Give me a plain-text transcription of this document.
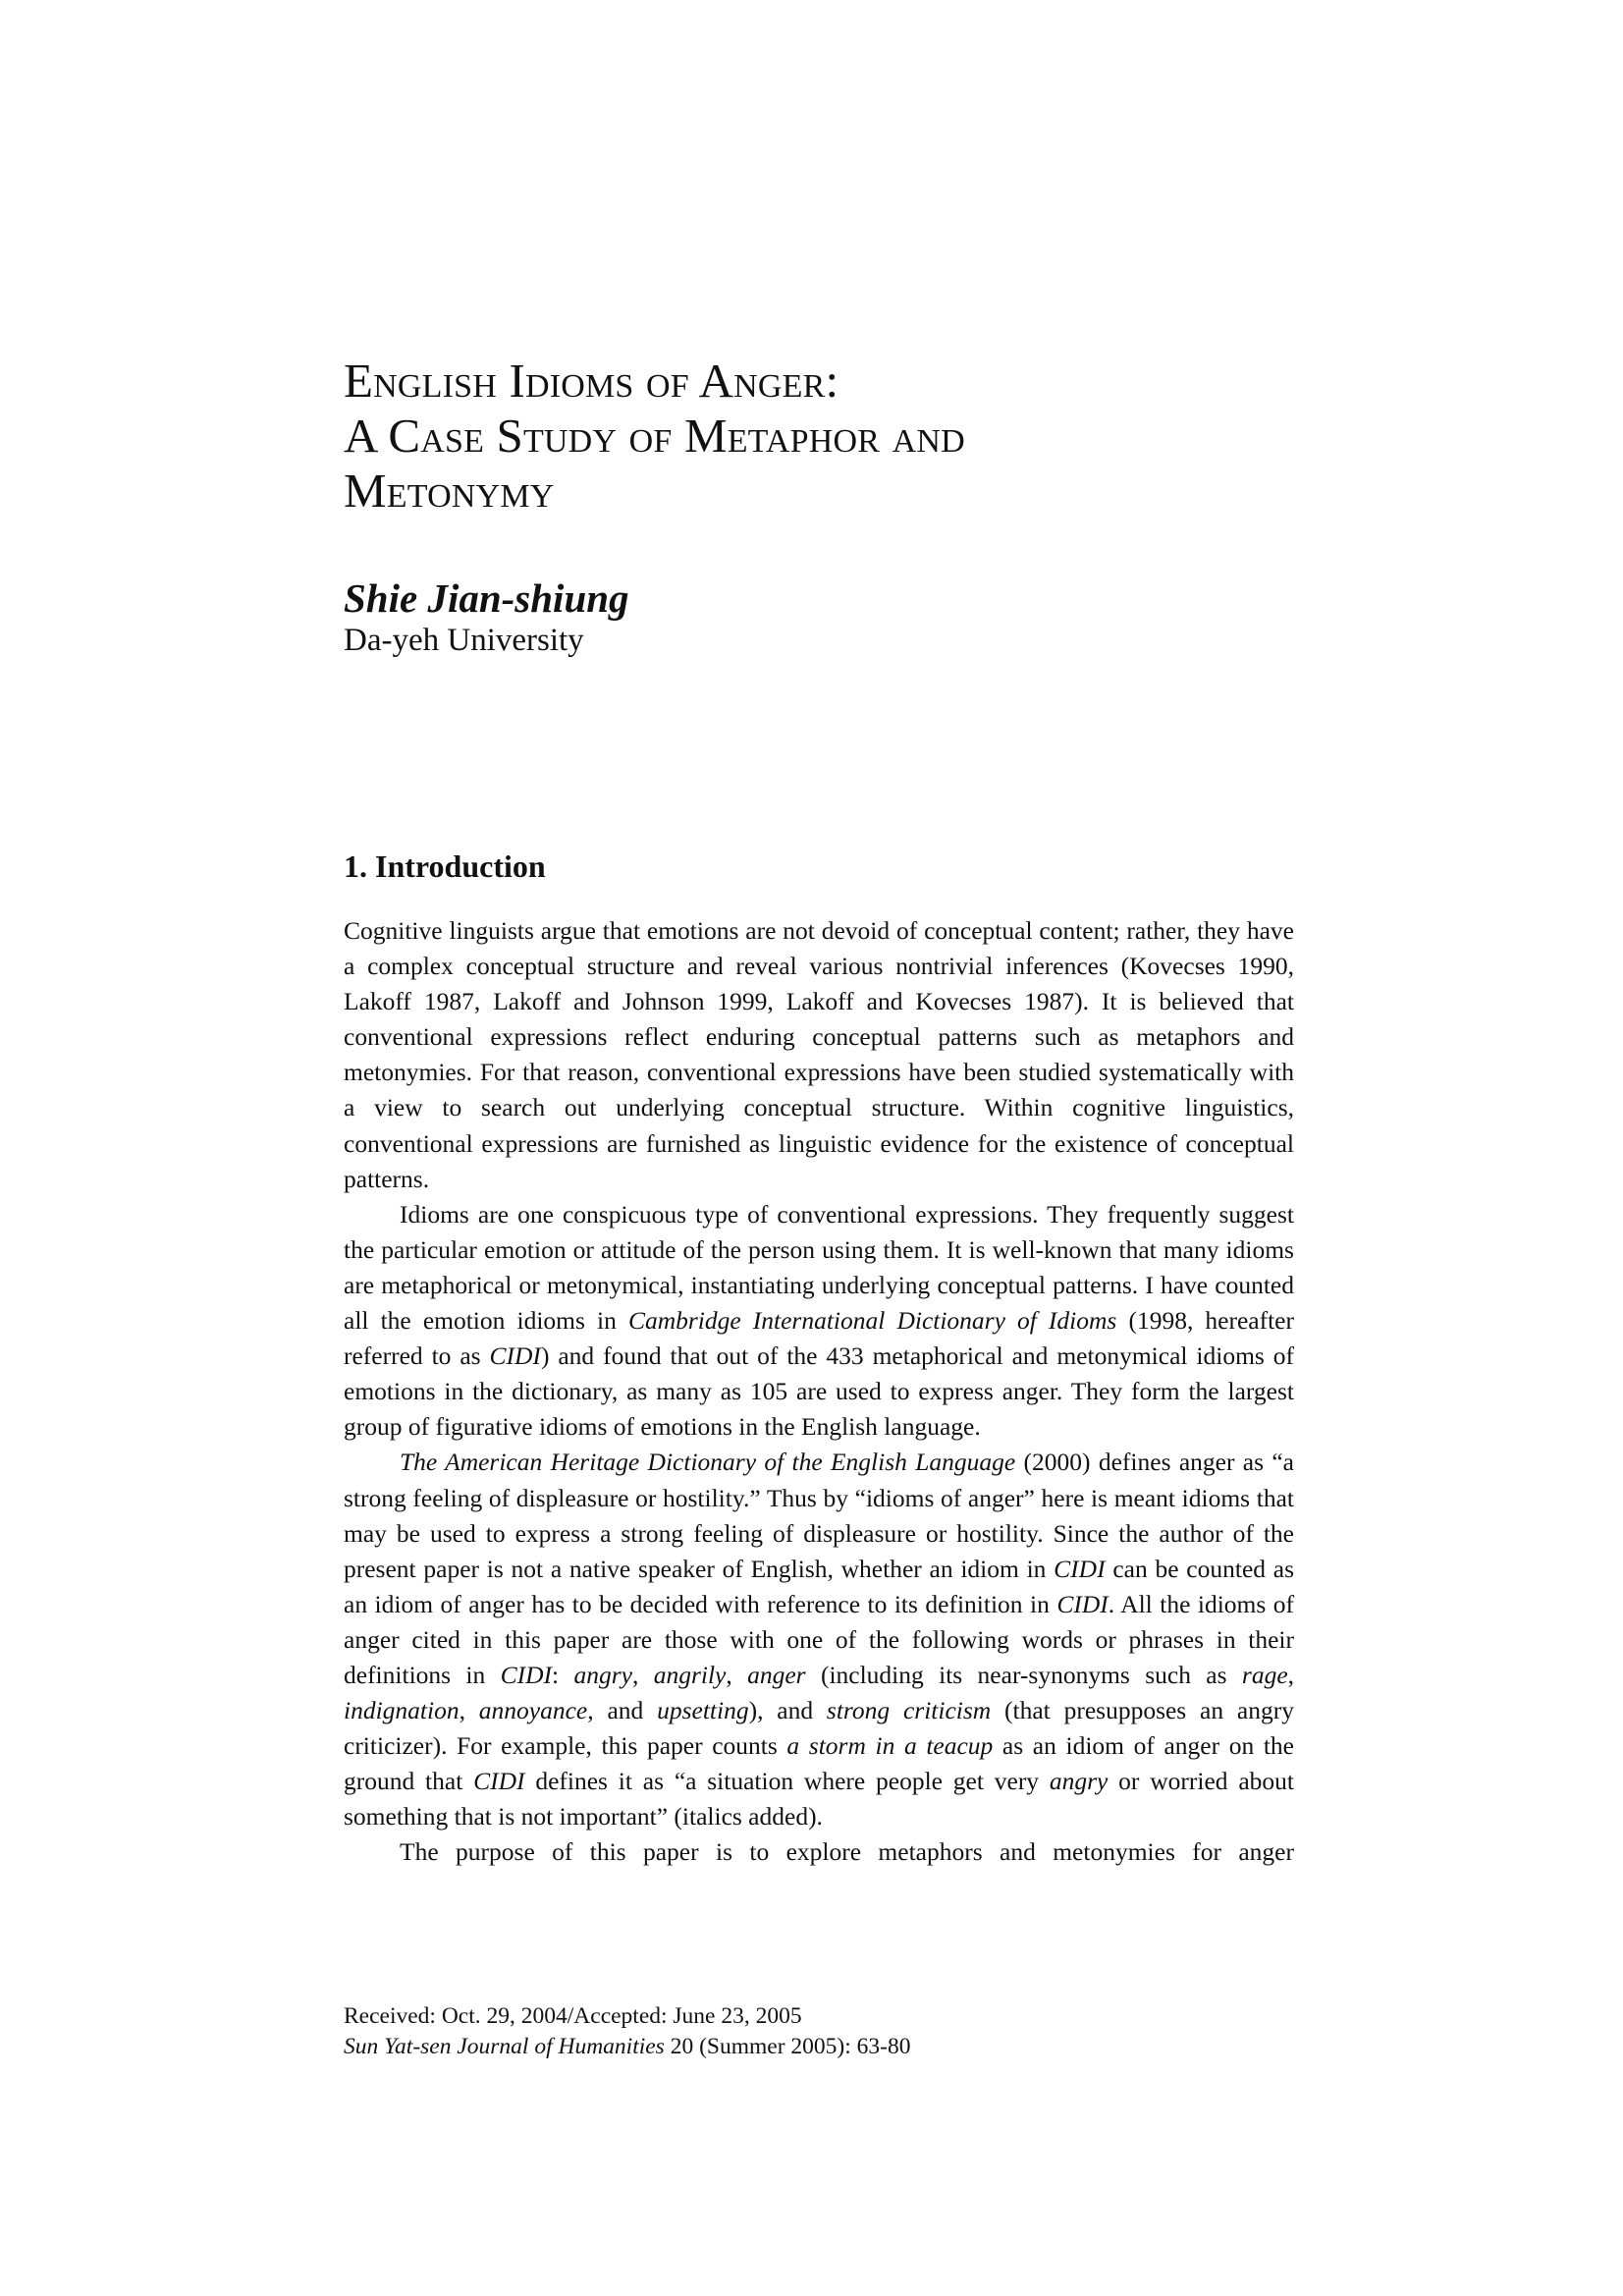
English Idioms of Anger:
A Case Study of Metaphor and
Metonymy
Shie Jian-shiung
Da-yeh University
1. Introduction

Cognitive linguists argue that emotions are not devoid of conceptual content; rather, they have a complex conceptual structure and reveal various nontrivial inferences (Kovecses 1990, Lakoff 1987, Lakoff and Johnson 1999, Lakoff and Kovecses 1987). It is believed that conventional expressions reflect enduring conceptual patterns such as metaphors and metonymies. For that reason, conventional expressions have been studied systematically with a view to search out underlying conceptual structure. Within cognitive linguistics, conventional expressions are furnished as linguistic evidence for the existence of conceptual patterns.

Idioms are one conspicuous type of conventional expressions. They frequently suggest the particular emotion or attitude of the person using them. It is well-known that many idioms are metaphorical or metonymical, instantiating underlying conceptual patterns. I have counted all the emotion idioms in Cambridge International Dictionary of Idioms (1998, hereafter referred to as CIDI) and found that out of the 433 metaphorical and metonymical idioms of emotions in the dictionary, as many as 105 are used to express anger. They form the largest group of figurative idioms of emotions in the English language.

The American Heritage Dictionary of the English Language (2000) defines anger as “a strong feeling of displeasure or hostility.” Thus by “idioms of anger” here is meant idioms that may be used to express a strong feeling of displeasure or hostility. Since the author of the present paper is not a native speaker of English, whether an idiom in CIDI can be counted as an idiom of anger has to be decided with reference to its definition in CIDI. All the idioms of anger cited in this paper are those with one of the following words or phrases in their definitions in CIDI: angry, angrily, anger (including its near-synonyms such as rage, indignation, annoyance, and upsetting), and strong criticism (that presupposes an angry criticizer). For example, this paper counts a storm in a teacup as an idiom of anger on the ground that CIDI defines it as “a situation where people get very angry or worried about something that is not important” (italics added).

The purpose of this paper is to explore metaphors and metonymies for anger

Received: Oct. 29, 2004/Accepted: June 23, 2005
Sun Yat-sen Journal of Humanities 20 (Summer 2005): 63-80
